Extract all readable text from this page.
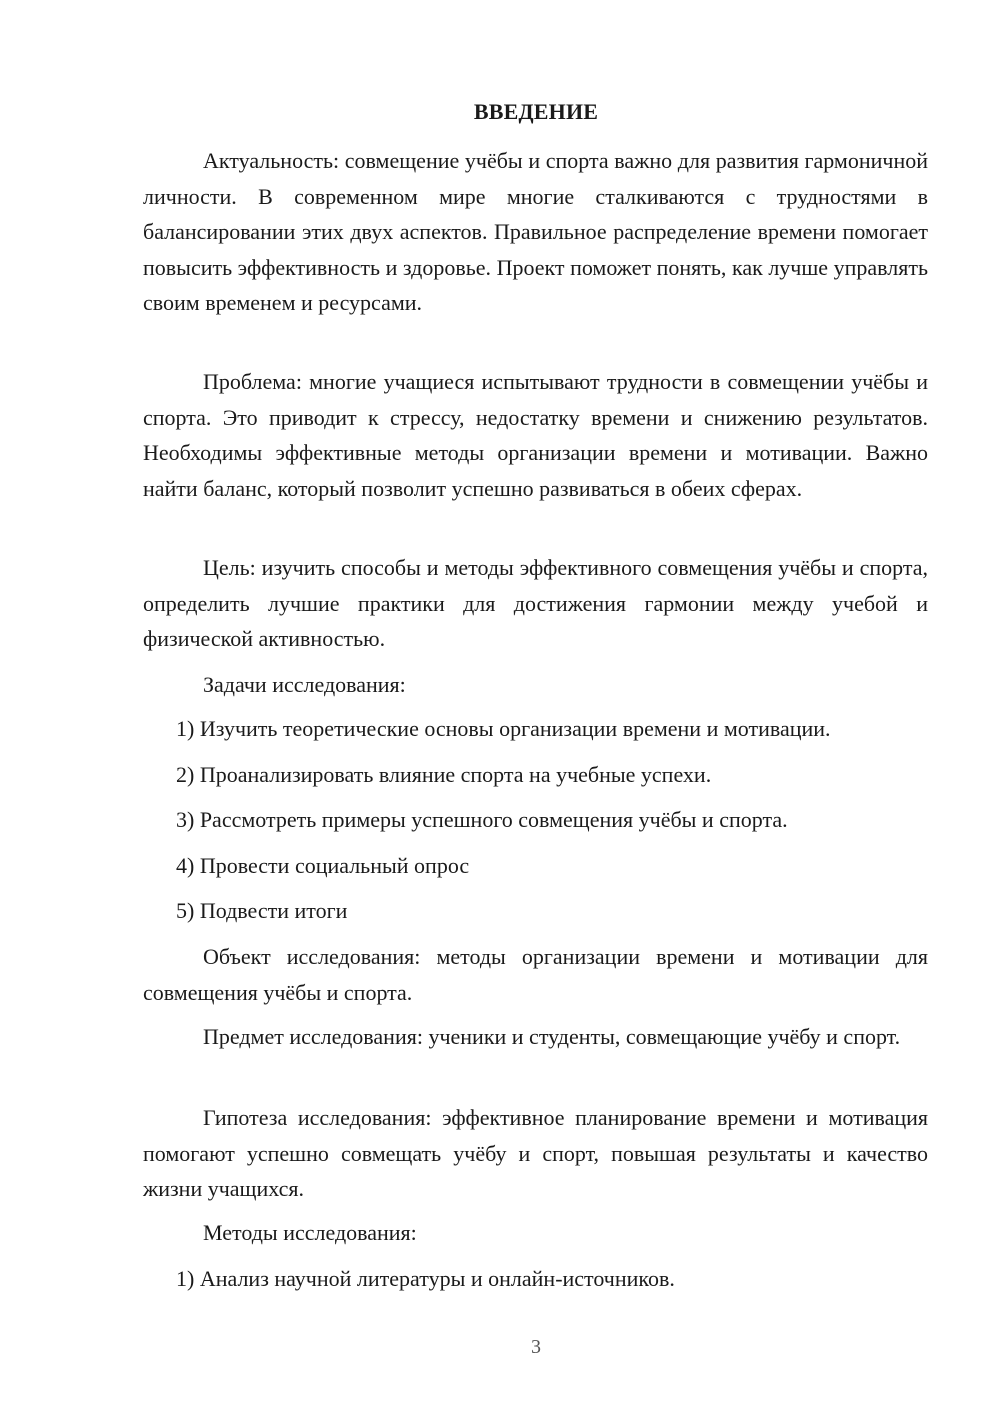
ВВЕДЕНИЕ

Актуальность: совмещение учёбы и спорта важно для развития гармоничной личности. В современном мире многие сталкиваются с трудностями в балансировании этих двух аспектов. Правильное распределение времени помогает повысить эффективность и здоровье. Проект поможет понять, как лучше управлять своим временем и ресурсами.

Проблема: многие учащиеся испытывают трудности в совмещении учёбы и спорта. Это приводит к стрессу, недостатку времени и снижению результатов. Необходимы эффективные методы организации времени и мотивации. Важно найти баланс, который позволит успешно развиваться в обеих сферах.

Цель: изучить способы и методы эффективного совмещения учёбы и спорта, определить лучшие практики для достижения гармонии между учебой и физической активностью.

Задачи исследования:
1) Изучить теоретические основы организации времени и мотивации.
2) Проанализировать влияние спорта на учебные успехи.
3) Рассмотреть примеры успешного совмещения учёбы и спорта.
4) Провести социальный опрос
5) Подвести итоги

Объект исследования: методы организации времени и мотивации для совмещения учёбы и спорта.

Предмет исследования: ученики и студенты, совмещающие учёбу и спорт.

Гипотеза исследования: эффективное планирование времени и мотивация помогают успешно совмещать учёбу и спорт, повышая результаты и качество жизни учащихся.

Методы исследования:
1) Анализ научной литературы и онлайн-источников.
3
